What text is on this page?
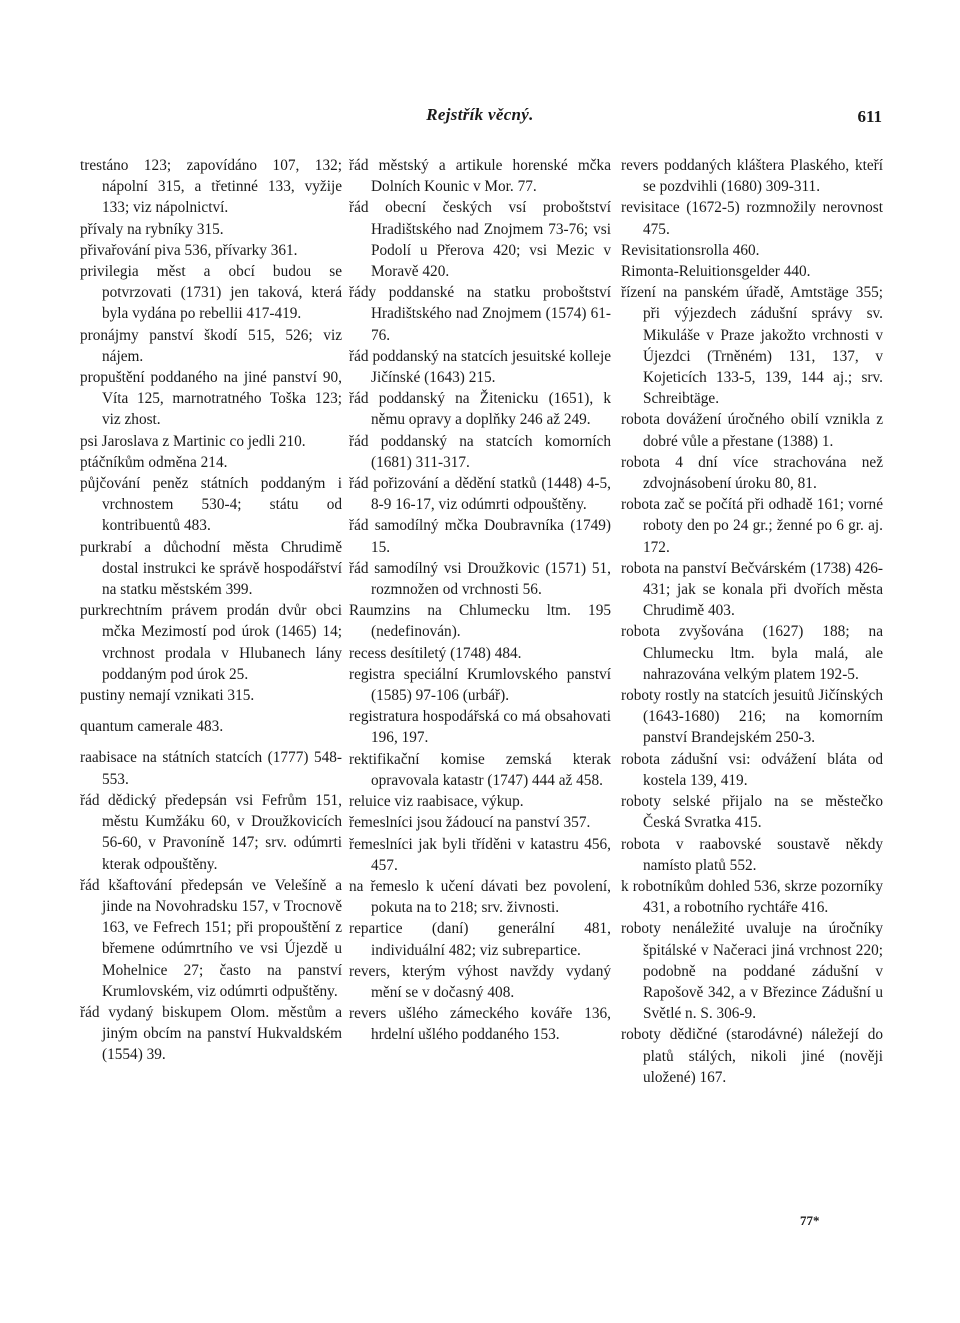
Rejstřík věcný.	611

trestáno 123; zapovídáno 107, 132; nápolní 315, a třetinné 133, vyžije 133; viz nápolnictví.

přívaly na rybníky 315.

přivařování piva 536, přívarky 361.

privilegia měst a obcí budou se potvrzovati (1731) jen taková, která byla vydána po rebellii 417-419.

pronájmy panství škodí 515, 526; viz nájem.

propuštění poddaného na jiné panství 90, Víta 125, marnotratného Toška 123; viz zhost.

psi Jaroslava z Martinic co jedli 210.

ptáčníkům odměna 214.

půjčování peněz státních poddaným i vrchnostem 530-4; státu od kontribuentů 483.

purkrabí a důchodní města Chrudimě dostal instrukci ke správě hospodářství na statku městském 399.

purkrechtním právem prodán dvůr obci mčka Mezimostí pod úrok (1465) 14; vrchnost prodala v Hlubanech lány poddaným pod úrok 25.

pustiny nemají vznikati 315.

quantum camerale 483.

raabisace na státních statcích (1777) 548-553.

řád dědický předepsán vsi Fefrům 151, městu Kumžáku 60, v Droužkovicích 56-60, v Pravoníně 147; srv. odúmrti kterak odpouštěny.

řád kšaftování předepsán ve Velešíně a jinde na Novohradsku 157, v Trocnově 163, ve Fefrech 151; při propouštění z břemene odúmrtního ve vsi Újezdě u Mohelnice 27; často na panství Krumlovském, viz odúmrti odpuštěny.

řád vydaný biskupem Olom. městům a jiným obcím na panství Hukvaldském (1554) 39.

řád městský a artikule horenské mčka Dolních Kounic v Mor. 77.

řád obecní českých vsí proboštství Hradištského nad Znojmem 73-76; vsi Podolí u Přerova 420; vsi Mezic v Moravě 420.

řády poddanské na statku proboštství Hradištského nad Znojmem (1574) 61-76.

řád poddanský na statcích jesuitské kolleje Jičínské (1643) 215.

řád poddanský na Žitenicku (1651), k němu opravy a doplňky 246 až 249.

řád poddanský na statcích komorních (1681) 311-317.

řád pořizování a dědění statků (1448) 4-5, 8-9 16-17, viz odúmrti odpouštěny.

řád samodílný mčka Doubravníka (1749) 15.

řád samodílný vsi Droužkovic (1571) 51, rozmnožen od vrchnosti 56.

Raumzins na Chlumecku ltm. 195 (nedefinován).

recess desítiletý (1748) 484.

registra speciální Krumlovského panství (1585) 97-106 (urbář).

registratura hospodářská co má obsahovati 196, 197.

rektifikační komise zemská kterak opravovala katastr (1747) 444 až 458.

reluice viz raabisace, výkup.

řemeslníci jsou žádoucí na panství 357.

řemeslníci jak byli tříděni v katastru 456, 457.

na řemeslo k učení dávati bez povolení, pokuta na to 218; srv. živnosti.

repartice (daní) generální 481, individuální 482; viz subrepartice.

revers, kterým výhost navždy vydaný mění se v dočasný 408.

revers ušlého zámeckého kováře 136, hrdelní ušlého poddaného 153.

revers poddaných kláštera Plaského, kteří se pozdvihli (1680) 309-311.

revisitace (1672-5) rozmnožily nerovnost 475.

Revisitationsrolla 460.

Rimonta-Reluitionsgelder 440.

řízení na panském úřadě, Amtstäge 355; při výjezdech zádušní správy sv. Mikuláše v Praze jakožto vrchnosti v Újezdci (Trněném) 131, 137, v Kojeticích 133-5, 139, 144 aj.; srv. Schreibtäge.

robota dovážení úročného obilí vznikla z dobré vůle a přestane (1388) 1.

robota 4 dní více strachována než zdvojnásobení úroku 80, 81.

robota zač se počítá při odhadě 161; vorné roboty den po 24 gr.; ženné po 6 gr. aj. 172.

robota na panství Bečvárském (1738) 426-431; jak se konala při dvořích města Chrudimě 403.

robota zvyšována (1627) 188; na Chlumecku ltm. byla malá, ale nahrazována velkým platem 192-5.

roboty rostly na statcích jesuitů Jičínských (1643-1680) 216; na komorním panství Brandejském 250-3.

robota zádušní vsi: odvážení bláta od kostela 139, 419.

roboty selské přijalo na se městečko Česká Svratka 415.

robota v raabovské soustavě někdy namísto platů 552.

k robotníkům dohled 536, skrze pozorníky 431, a robotního rychtáře 416.

roboty nenáležité uvaluje na úročníky špitálské v Načeraci jiná vrchnost 220; podobně na poddané zádušní v Rapošově 342, a v Březince Zádušní u Světlé n. S. 306-9.

roboty dědičné (starodávné) náležejí do platů stálých, nikoli jiné (nověji uložené) 167.

77*
